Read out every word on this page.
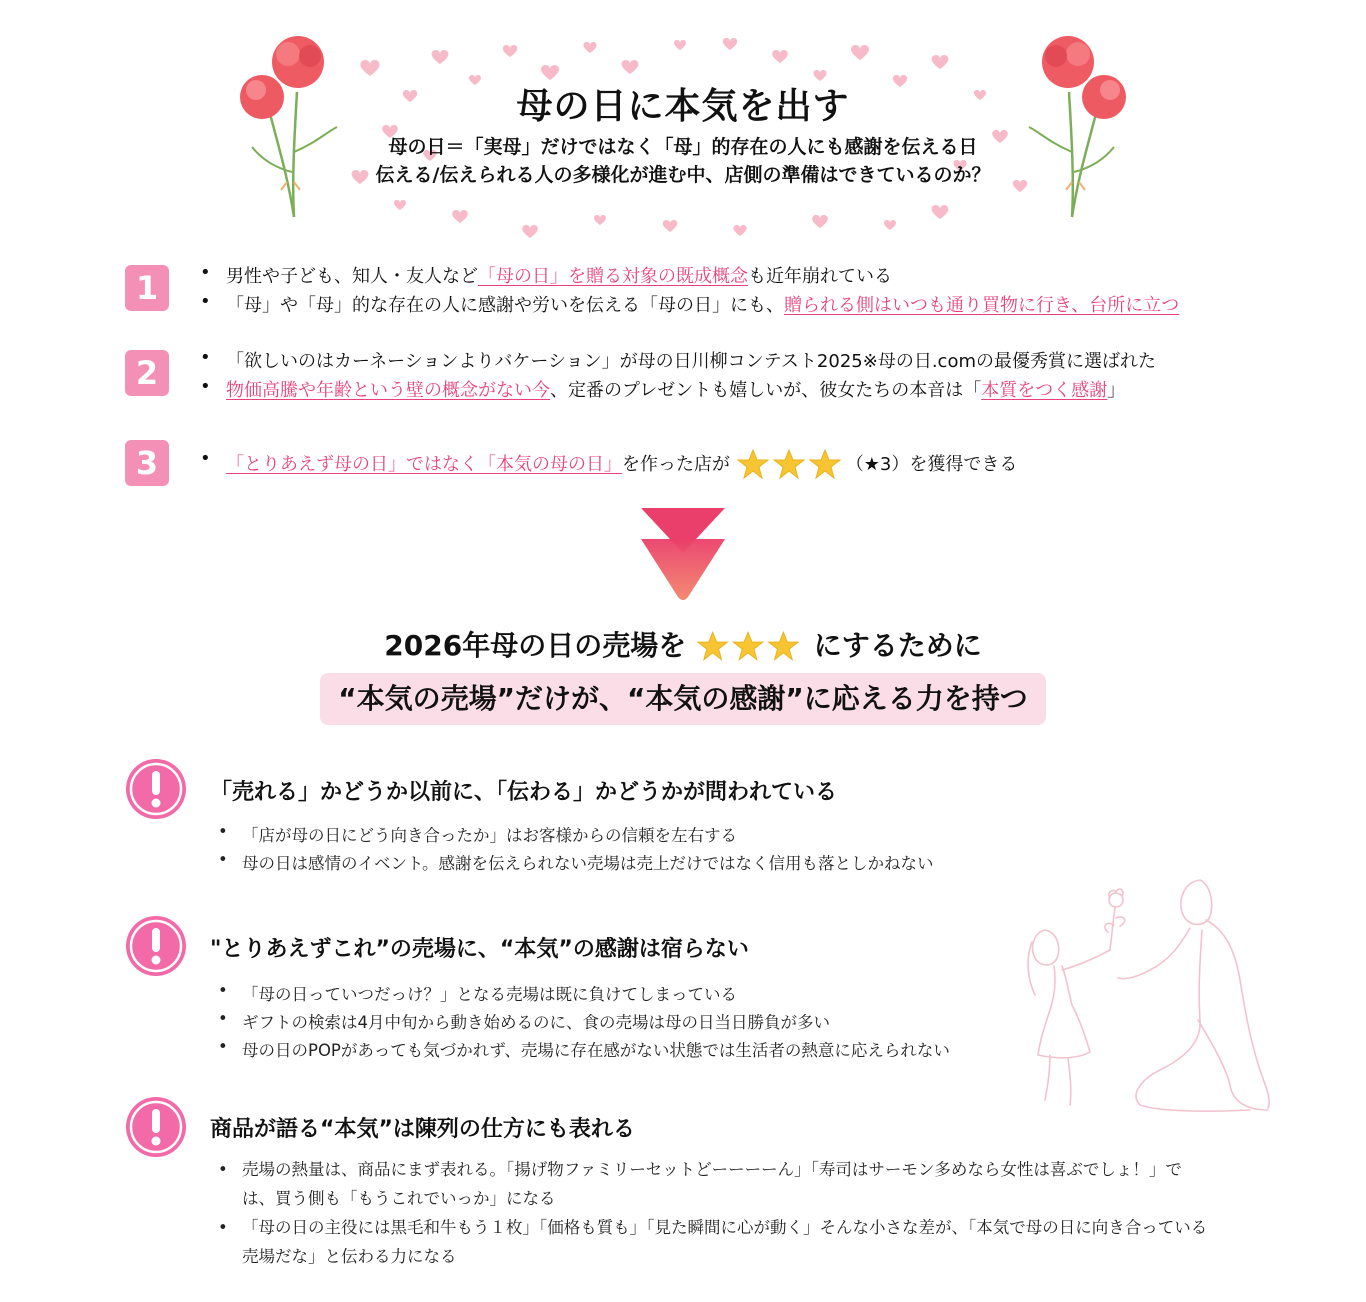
母の日に本気を出す
母の日＝「実母」だけではなく「母」的存在の人にも感謝を伝える日
伝える/伝えられる人の多様化が進む中、店側の準備はできているのか？
1	• 男性や子ども、知人・友人など「母の日」を贈る対象の既成概念も近年崩れている
• 「母」や「母」的な存在の人に感謝や労いを伝える「母の日」にも、贈られる側はいつも通り買物に行き、台所に立つ
2	• 「欲しいのはカーネーションよりバケーション」が母の日川柳コンテスト2025※母の日.comの最優秀賞に選ばれた
• 物価高騰や年齢という壁の概念がない今、定番のプレゼントも嬉しいが、彼女たちの本音は「本質をつく感謝」
3	• 「とりあえず母の日」ではなく「本気の母の日」を作った店が	（★3）を獲得できる
2026年母の日の売場を	にするために
“本気の売場”だけが、“本気の感謝”に応える力を持つ
「売れる」かどうか以前に、「伝わる」かどうかが問われている
• 「店が母の日にどう向き合ったか」はお客様からの信頼を左右する
• 母の日は感情のイベント。感謝を伝えられない売場は売上だけではなく信用も落としかねない
"とりあえずこれ”の売場に、“本気”の感謝は宿らない
• 「母の日っていつだっけ？」となる売場は既に負けてしまっている
• ギフトの検索は4月中旬から動き始めるのに、食の売場は母の日当日勝負が多い
• 母の日のPOPがあっても気づかれず、売場に存在感がない状態では生活者の熱意に応えられない
商品が語る“本気”は陳列の仕方にも表れる
• 売場の熱量は、商品にまず表れる。「揚げ物ファミリーセットどーーーーん」「寿司はサーモン多めなら女性は喜ぶでしょ！」では、買う側も「もうこれでいっか」になる
• 「母の日の主役には黒毛和牛もう１枚」「価格も質も」「見た瞬間に心が動く」そんな小さな差が、「本気で母の日に向き合っている売場だな」と伝わる力になる
